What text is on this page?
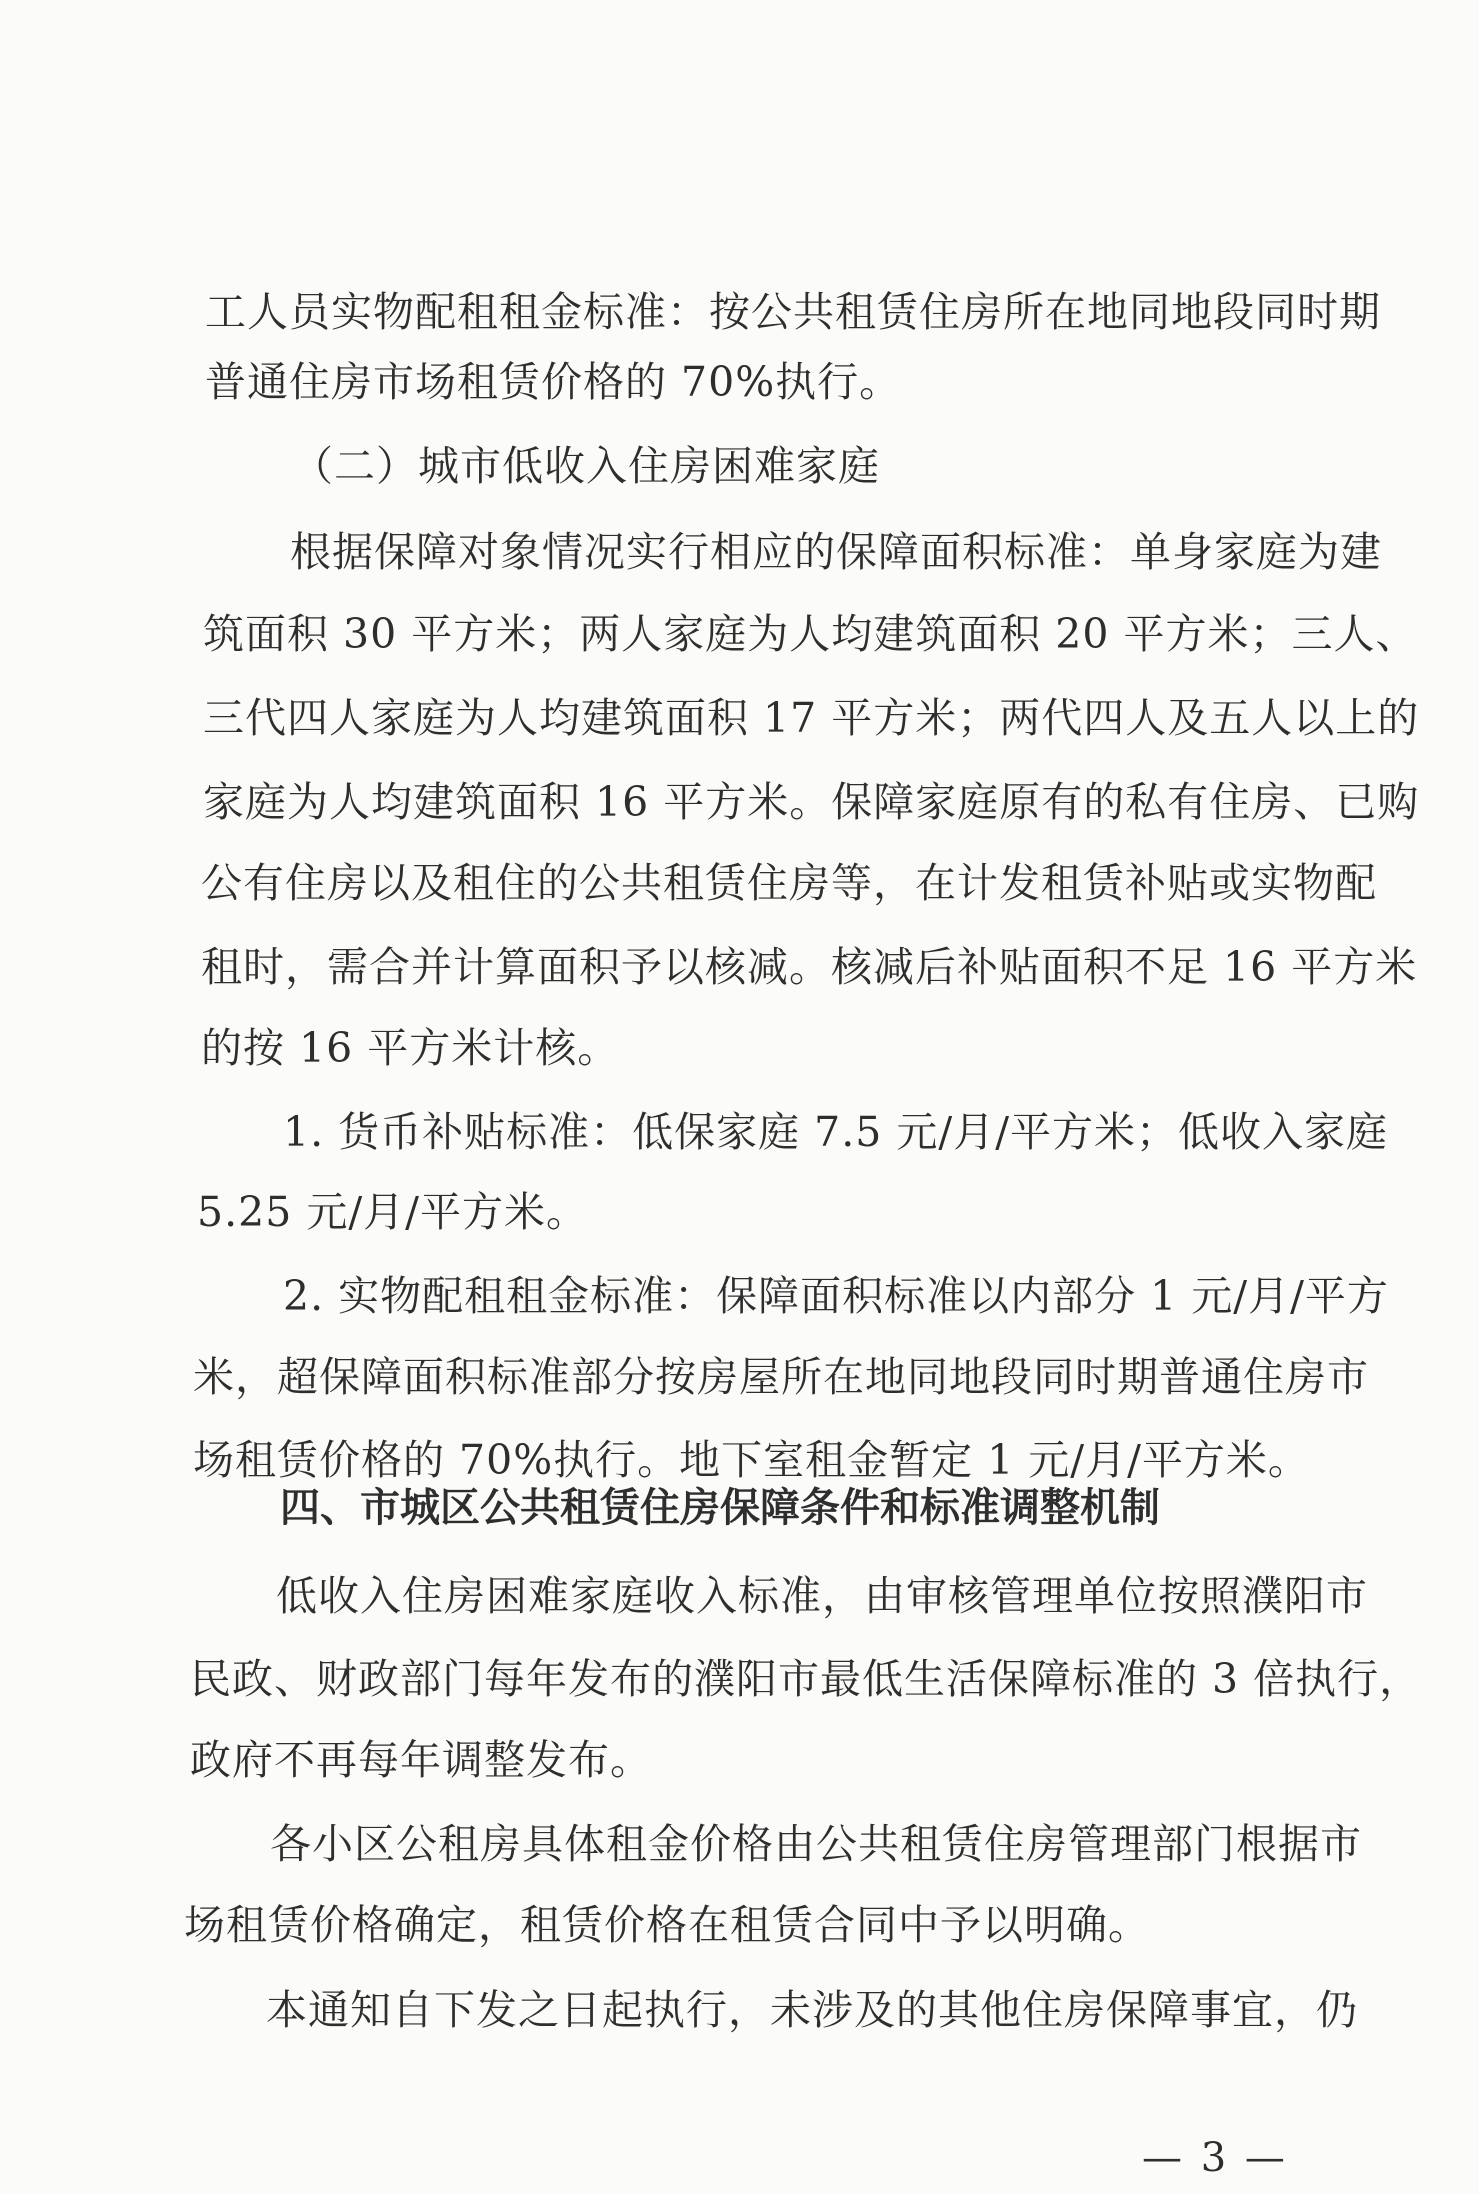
工人员实物配租租金标准：按公共租赁住房所在地同地段同时期
普通住房市场租赁价格的 70%执行。
（二）城市低收入住房困难家庭
根据保障对象情况实行相应的保障面积标准：单身家庭为建
筑面积 30 平方米；两人家庭为人均建筑面积 20 平方米；三人、
三代四人家庭为人均建筑面积 17 平方米；两代四人及五人以上的
家庭为人均建筑面积 16 平方米。保障家庭原有的私有住房、已购
公有住房以及租住的公共租赁住房等，在计发租赁补贴或实物配
租时，需合并计算面积予以核减。核减后补贴面积不足 16 平方米
的按 16 平方米计核。
1. 货币补贴标准：低保家庭 7.5 元/月/平方米；低收入家庭
5.25 元/月/平方米。
2. 实物配租租金标准：保障面积标准以内部分 1 元/月/平方
米，超保障面积标准部分按房屋所在地同地段同时期普通住房市
场租赁价格的 70%执行。地下室租金暂定 1 元/月/平方米。
四、市城区公共租赁住房保障条件和标准调整机制
低收入住房困难家庭收入标准，由审核管理单位按照濮阳市
民政、财政部门每年发布的濮阳市最低生活保障标准的 3 倍执行，
政府不再每年调整发布。
各小区公租房具体租金价格由公共租赁住房管理部门根据市
场租赁价格确定，租赁价格在租赁合同中予以明确。
本通知自下发之日起执行，未涉及的其他住房保障事宜，仍
— 3 —
